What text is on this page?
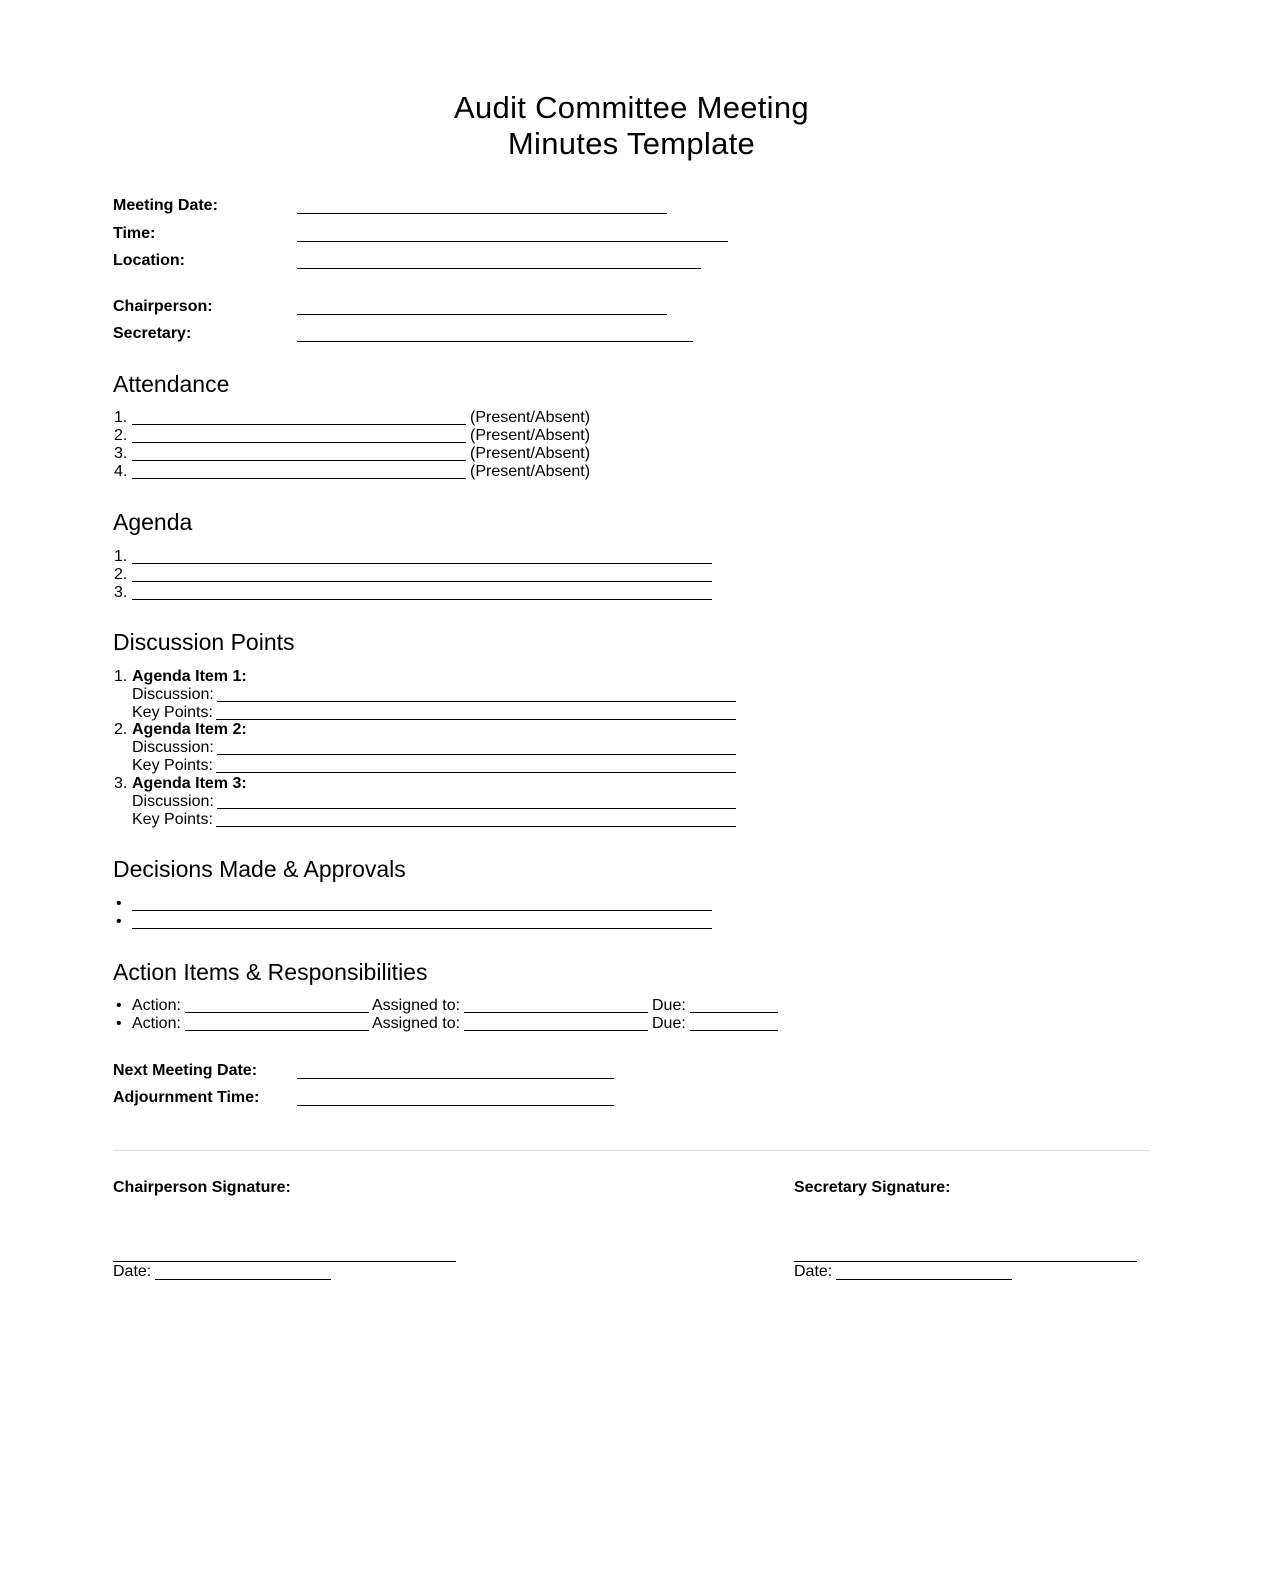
Audit Committee Meeting
Minutes Template
Meeting Date:
Time:
Location:
Chairperson:
Secretary:
Attendance
1.	(Present/Absent)
2.	(Present/Absent)
3.	(Present/Absent)
4.	(Present/Absent)
Agenda
1.
2.
3.
Discussion Points
1. Agenda Item 1:
Discussion:
Key Points:
2. Agenda Item 2:
Discussion:
Key Points:
3. Agenda Item 3:
Discussion:
Key Points:
Decisions Made & Approvals
•
•
Action Items & Responsibilities
• Action:	Assigned to:	Due:
• Action:	Assigned to:	Due:
Next Meeting Date:
Adjournment Time:
Chairperson Signature:
Date:
Secretary Signature:
Date:
